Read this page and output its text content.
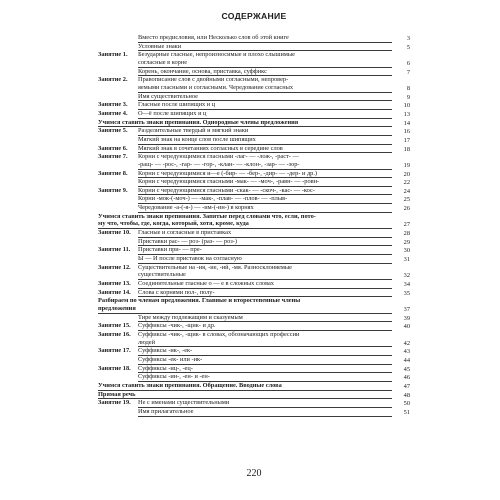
СОДЕРЖАНИЕ
Вместо предисловия, или Несколько слов об этой книге	3
Условные знаки	5
Занятие 1.	Безударные гласные, непроизносимые и плохо слышимые
согласные в корне	6
Корень, окончание, основа, приставка, суффикс	7
Занятие 2.	Правописание слов с двойными согласными, непровер-
яемыми гласными и согласными. Чередование согласных	8
Имя существительное	9
Занятие 3.	Гласные после шипящих и ц	10
Занятие 4.	О—ё после шипящих и ц	13
Учимся ставить знаки препинания. Однородные члены предложения	14
Занятие 5.	Разделительные твердый и мягкий знаки	16
Мягкий знак на конце слов после шипящих	17
Занятие 6.	Мягкий знак в сочетаниях согласных в середине слов	18
Занятие 7.	Корни с чередующимися гласными -лаг- — -лож-, -раст- —
-ращ- — -рос-, -гар- — -гор-, -клан- — -клон-, -зар- — -зор-	19
Занятие 8.	Корни с чередующимися и—е (-бир- — -бер-, -дир- — -дер- и др.)	20
Корни с чередующимися гласными -мак- — -моч-, -равн- — -ровн-	22
Занятие 9.	Корни с чередующимися гласными -скак- — -скоч-, -кас- — -кос-	24
Корни -мок-(-моч-) — -мак-, -плав- — -плов- — -плыв-	25
Чередование -а-(-я-) — -им-(-ин-) в корнях	26
Учимся ставить знаки препинания. Запятые перед словами что, если, пото-
му что, чтобы, где, когда, который, хотя, кроме, куда	27
Занятие 10.	Гласные и согласные в приставках	28
Приставки рас- — роз- (раз- — роз-)	29
Занятие 11.	Приставки при- — пре-	30
Ы — И после приставок на согласную	31
Занятие 12.	Существительные на -ия, -ие, -ий, -мя. Разносклоняемые
существительные	32
Занятие 13.	Соединительные гласные о — е в сложных словах	34
Занятие 14.	Слова с корнями пол-, полу-	35
Разбираем по членам предложения. Главные и второстепенные члены
предложения	37
Тире между подлежащим и сказуемым	39
Занятие 15.	Суффиксы -чик-, -щик- и др.	40
Занятие 16.	Суффиксы -чик-, -щик- в словах, обозначающих профессии
людей	42
Занятие 17.	Суффиксы -ик-, -ек-	43
Суффиксы -ек- или -ик-	44
Занятие 18.	Суффиксы -иц-, -ец-	45
Суффиксы -ин-, -ен- и -ен-	46
Учимся ставить знаки препинания. Обращение. Вводные слова	47
Прямая речь	48
Занятие 19.	Не с именами существительными	50
Имя прилагательное	51
220
